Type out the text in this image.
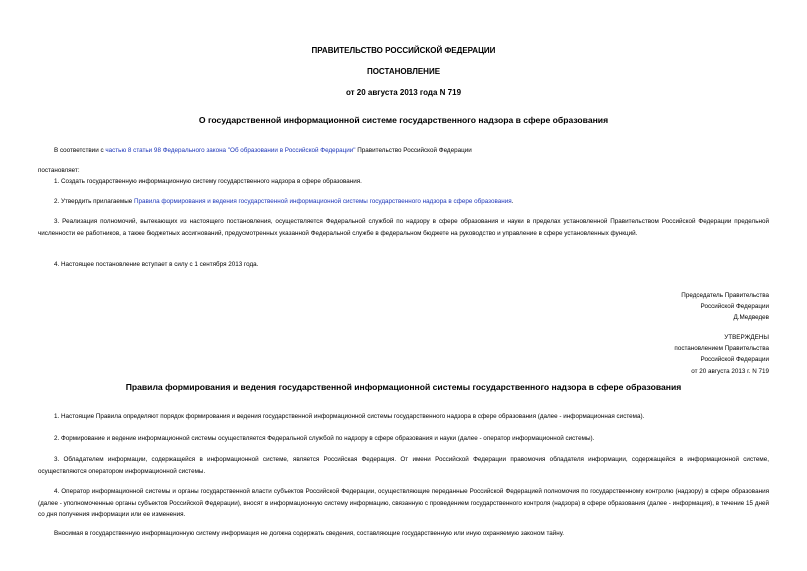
ПРАВИТЕЛЬСТВО РОССИЙСКОЙ ФЕДЕРАЦИИ
ПОСТАНОВЛЕНИЕ
от 20 августа 2013 года N 719
О государственной информационной системе государственного надзора в сфере образования
В соответствии с частью 8 статьи 98 Федерального закона "Об образовании в Российской Федерации" Правительство Российской Федерации
постановляет:
1. Создать государственную информационную систему государственного надзора в сфере образования.
2. Утвердить прилагаемые Правила формирования и ведения государственной информационной системы государственного надзора в сфере образования.
3. Реализация полномочий, вытекающих из настоящего постановления, осуществляется Федеральной службой по надзору в сфере образования и науки в пределах установленной Правительством Российской Федерации предельной численности ее работников, а также бюджетных ассигнований, предусмотренных указанной Федеральной службе в федеральном бюджете на руководство и управление в сфере установленных функций.
4. Настоящее постановление вступает в силу с 1 сентября 2013 года.
Председатель Правительства
Российской Федерации
Д.Медведев
УТВЕРЖДЕНЫ
постановлением Правительства
Российской Федерации
от 20 августа 2013 г. N 719
Правила формирования и ведения государственной информационной системы государственного надзора в сфере образования
1. Настоящие Правила определяют порядок формирования и ведения государственной информационной системы государственного надзора в сфере образования (далее - информационная система).
2. Формирование и ведение информационной системы осуществляется Федеральной службой по надзору в сфере образования и науки (далее - оператор информационной системы).
3. Обладателем информации, содержащейся в информационной системе, является Российская Федерация. От имени Российской Федерации правомочия обладателя информации, содержащейся в информационной системе, осуществляются оператором информационной системы.
4. Оператор информационной системы и органы государственной власти субъектов Российской Федерации, осуществляющие переданные Российской Федерацией полномочия по государственному контролю (надзору) в сфере образования (далее - уполномоченные органы субъектов Российской Федерации), вносят в информационную систему информацию, связанную с проведением государственного контроля (надзора) в сфере образования (далее - информация), в течение 15 дней со дня получения информации или ее изменения.
Вносимая в государственную информационную систему информация не должна содержать сведения, составляющие государственную или иную охраняемую законом тайну.
